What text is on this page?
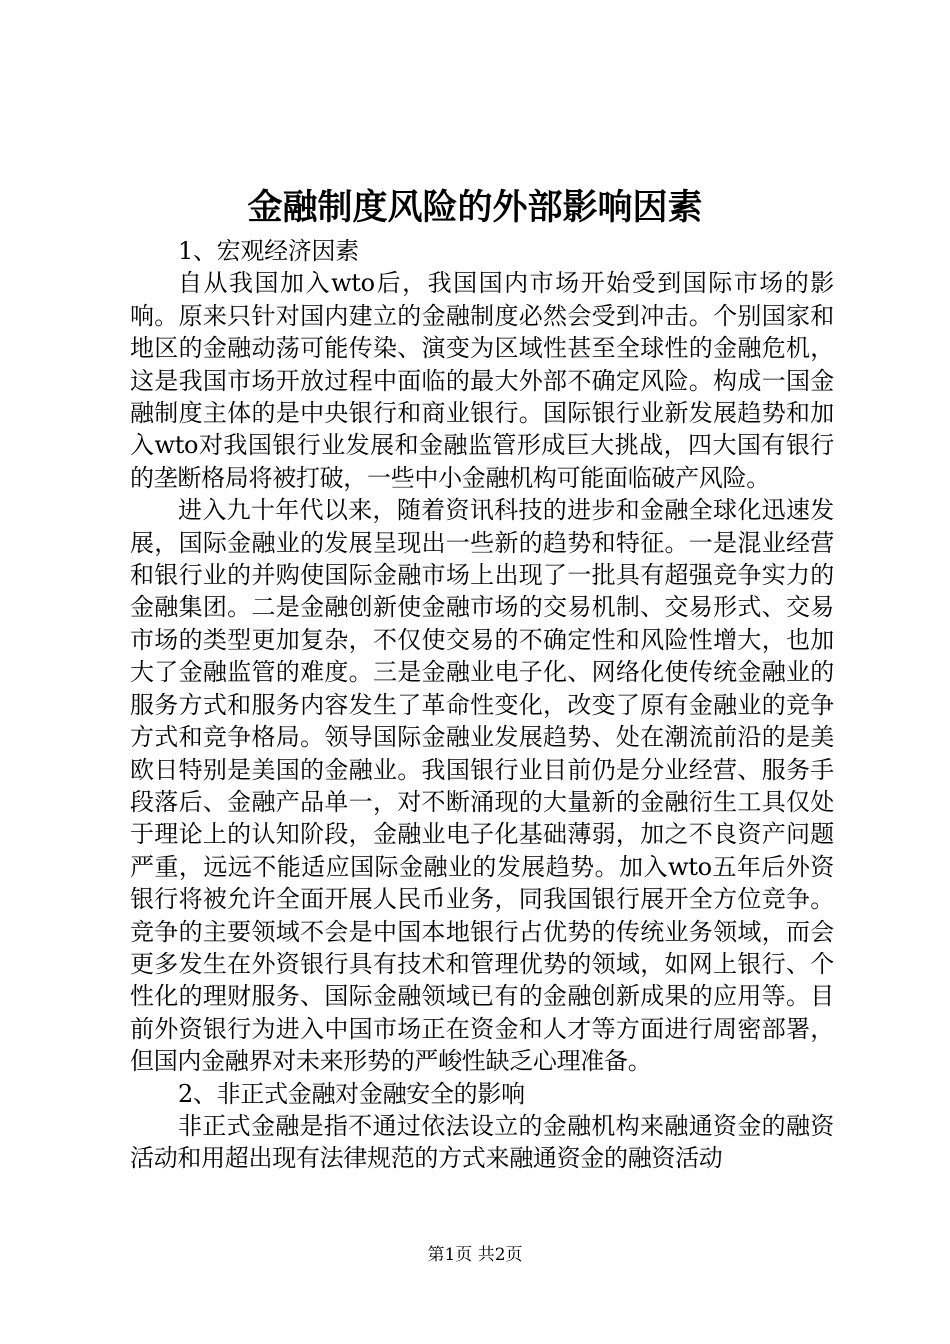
金融制度风险的外部影响因素

1、宏观经济因素

自从我国加入wto后，我国国内市场开始受到国际市场的影响。原来只针对国内建立的金融制度必然会受到冲击。个别国家和地区的金融动荡可能传染、演变为区域性甚至全球性的金融危机，这是我国市场开放过程中面临的最大外部不确定风险。构成一国金融制度主体的是中央银行和商业银行。国际银行业新发展趋势和加入wto对我国银行业发展和金融监管形成巨大挑战，四大国有银行的垄断格局将被打破，一些中小金融机构可能面临破产风险。

进入九十年代以来，随着资讯科技的进步和金融全球化迅速发展，国际金融业的发展呈现出一些新的趋势和特征。一是混业经营和银行业的并购使国际金融市场上出现了一批具有超强竞争实力的金融集团。二是金融创新使金融市场的交易机制、交易形式、交易市场的类型更加复杂，不仅使交易的不确定性和风险性增大，也加大了金融监管的难度。三是金融业电子化、网络化使传统金融业的服务方式和服务内容发生了革命性变化，改变了原有金融业的竞争方式和竞争格局。领导国际金融业发展趋势、处在潮流前沿的是美欧日特别是美国的金融业。我国银行业目前仍是分业经营、服务手段落后、金融产品单一，对不断涌现的大量新的金融衍生工具仅处于理论上的认知阶段，金融业电子化基础薄弱，加之不良资产问题严重，远远不能适应国际金融业的发展趋势。加入wto五年后外资银行将被允许全面开展人民币业务，同我国银行展开全方位竞争。竞争的主要领域不会是中国本地银行占优势的传统业务领域，而会更多发生在外资银行具有技术和管理优势的领域，如网上银行、个性化的理财服务、国际金融领域已有的金融创新成果的应用等。目前外资银行为进入中国市场正在资金和人才等方面进行周密部署，但国内金融界对未来形势的严峻性缺乏心理准备。

2、非正式金融对金融安全的影响

非正式金融是指不通过依法设立的金融机构来融通资金的融资活动和用超出现有法律规范的方式来融通资金的融资活动

第1页 共2页
